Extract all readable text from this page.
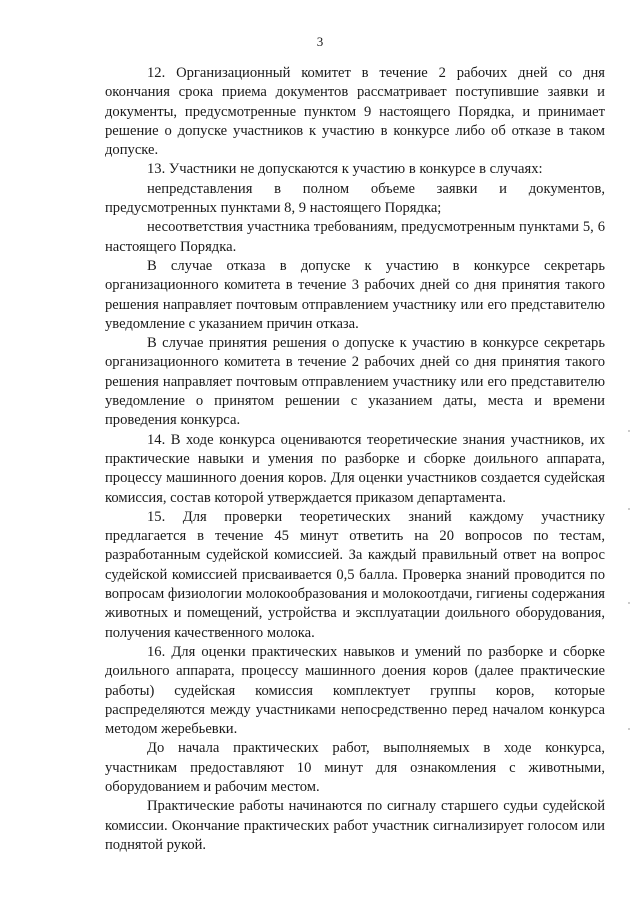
3

12. Организационный комитет в течение 2 рабочих дней со дня окончания срока приема документов рассматривает поступившие заявки и документы, предусмотренные пунктом 9 настоящего Порядка, и принимает решение о допуске участников к участию в конкурсе либо об отказе в таком допуске.

13. Участники не допускаются к участию в конкурсе в случаях:

непредставления в полном объеме заявки и документов, предусмотренных пунктами 8, 9 настоящего Порядка;

несоответствия участника требованиям, предусмотренным пунктами 5, 6 настоящего Порядка.

В случае отказа в допуске к участию в конкурсе секретарь организационного комитета в течение 3 рабочих дней со дня принятия такого решения направляет почтовым отправлением участнику или его представителю уведомление с указанием причин отказа.

В случае принятия решения о допуске к участию в конкурсе секретарь организационного комитета в течение 2 рабочих дней со дня принятия такого решения направляет почтовым отправлением участнику или его представителю уведомление о принятом решении с указанием даты, места и времени проведения конкурса.

14. В ходе конкурса оцениваются теоретические знания участников, их практические навыки и умения по разборке и сборке доильного аппарата, процессу машинного доения коров. Для оценки участников создается судейская комиссия, состав которой утверждается приказом департамента.

15. Для проверки теоретических знаний каждому участнику предлагается в течение 45 минут ответить на 20 вопросов по тестам, разработанным судейской комиссией. За каждый правильный ответ на вопрос судейской комиссией присваивается 0,5 балла. Проверка знаний проводится по вопросам физиологии молокообразования и молокоотдачи, гигиены содержания животных и помещений, устройства и эксплуатации доильного оборудования, получения качественного молока.

16. Для оценки практических навыков и умений по разборке и сборке доильного аппарата, процессу машинного доения коров (далее практические работы) судейская комиссия комплектует группы коров, которые распределяются между участниками непосредственно перед началом конкурса методом жеребьевки.

До начала практических работ, выполняемых в ходе конкурса, участникам предоставляют 10 минут для ознакомления с животными, оборудованием и рабочим местом.

Практические работы начинаются по сигналу старшего судьи судейской комиссии. Окончание практических работ участник сигнализирует голосом или поднятой рукой.
